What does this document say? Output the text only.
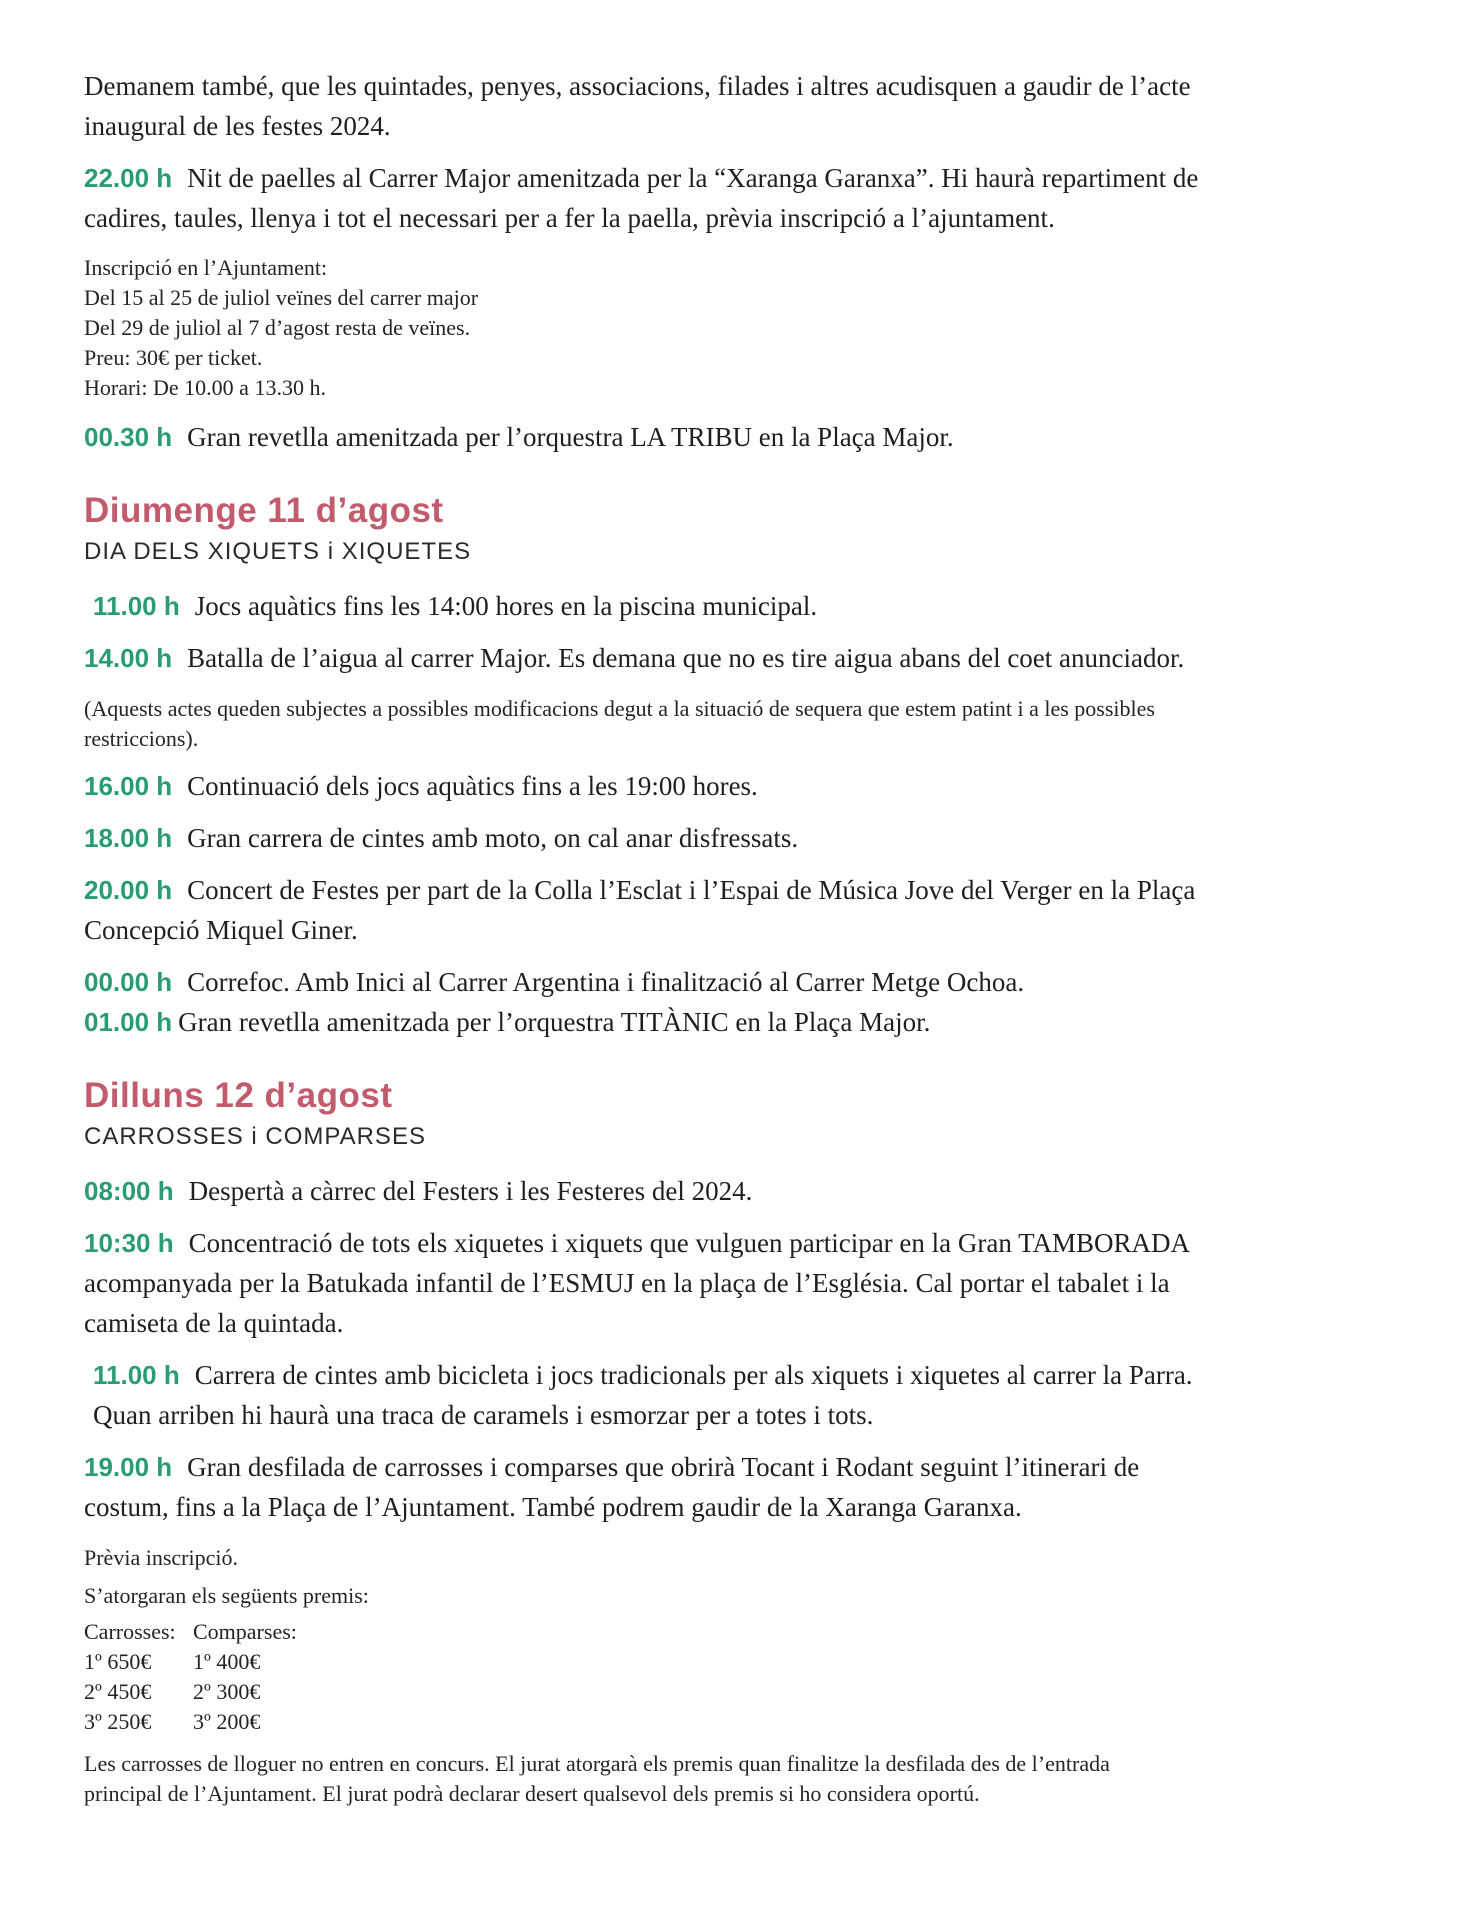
Demanem també, que les quintades, penyes, associacions, filades i altres acudisquen a gaudir de l’acte
inaugural de les festes 2024.

22.00 h Nit de paelles al Carrer Major amenitzada per la “Xaranga Garanxa”. Hi haurà repartiment de
cadires, taules, llenya i tot el necessari per a fer la paella, prèvia inscripció a l’ajuntament.

Inscripció en l’Ajuntament:
Del 15 al 25 de juliol veïnes del carrer major
Del 29 de juliol al 7 d’agost resta de veïnes.
Preu: 30€ per ticket.
Horari: De 10.00 a 13.30 h.

00.30 h Gran revetlla amenitzada per l’orquestra LA TRIBU en la Plaça Major.

Diumenge 11 d’agost

DIA DELS XIQUETS i XIQUETES

11.00 h Jocs aquàtics fins les 14:00 hores en la piscina municipal.

14.00 h Batalla de l’aigua al carrer Major. Es demana que no es tire aigua abans del coet anunciador.

(Aquests actes queden subjectes a possibles modificacions degut a la situació de sequera que estem patint i a les possibles
restriccions).

16.00 h Continuació dels jocs aquàtics fins a les 19:00 hores.

18.00 h Gran carrera de cintes amb moto, on cal anar disfressats.

20.00 h Concert de Festes per part de la Colla l’Esclat i l’Espai de Música Jove del Verger en la Plaça
Concepció Miquel Giner.

00.00 h Correfoc. Amb Inici al Carrer Argentina i finalització al Carrer Metge Ochoa.

01.00 h Gran revetlla amenitzada per l’orquestra TITÀNIC en la Plaça Major.

Dilluns 12 d’agost

CARROSSES i COMPARSES

08:00 h Despertà a càrrec del Festers i les Festeres del 2024.

10:30 h Concentració de tots els xiquetes i xiquets que vulguen participar en la Gran TAMBORADA
acompanyada per la Batukada infantil de l’ESMUJ en la plaça de l’Església. Cal portar el tabalet i la
camiseta de la quintada.

11.00 h Carrera de cintes amb bicicleta i jocs tradicionals per als xiquets i xiquetes al carrer la Parra.
Quan arriben hi haurà una traca de caramels i esmorzar per a totes i tots.

19.00 h Gran desfilada de carrosses i comparses que obrirà Tocant i Rodant seguint l’itinerari de
costum, fins a la Plaça de l’Ajuntament. També podrem gaudir de la Xaranga Garanxa.

Prèvia inscripció.

S’atorgaran els següents premis:

Carrosses: Comparses:
1º 650€	1º 400€
2º 450€	2º 300€
3º 250€	3º 200€

Les carrosses de lloguer no entren en concurs. El jurat atorgarà els premis quan finalitze la desfilada des de l’entrada
principal de l’Ajuntament. El jurat podrà declarar desert qualsevol dels premis si ho considera oportú.
